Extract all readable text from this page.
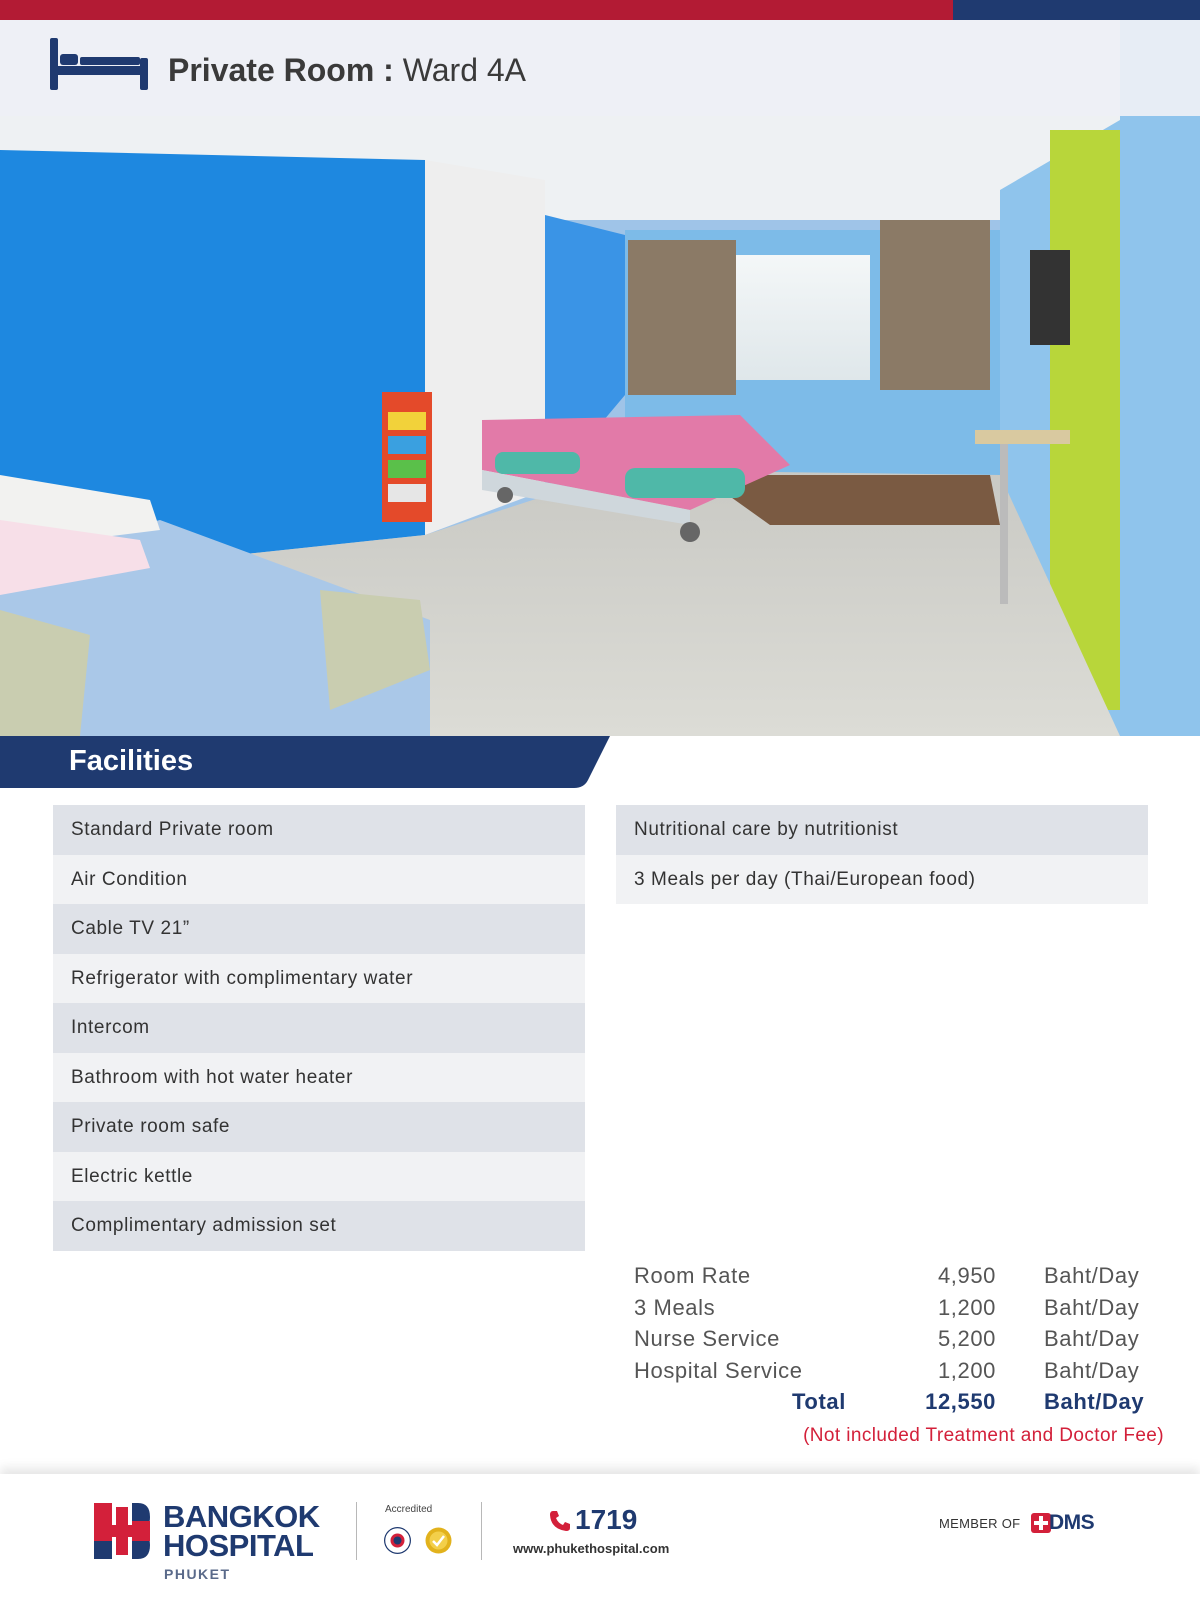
Private Room : Ward 4A
Facilities
Standard Private room
Air Condition
Cable TV 21”
Refrigerator with complimentary water
Intercom
Bathroom with hot water heater
Private room safe
Electric kettle
Complimentary admission set
Nutritional care by nutritionist
3 Meals per day (Thai/European food)
Room Rate	4,950 Baht/Day
3 Meals	1,200 Baht/Day
Nurse Service	5,200 Baht/Day
Hospital Service	1,200 Baht/Day
Total	12,550 Baht/Day
(Not included Treatment and Doctor Fee)
BANGKOK
HOSPITAL
PHUKET
Accredited	1719
www.phukethospital.com
MEMBER OF DMS
